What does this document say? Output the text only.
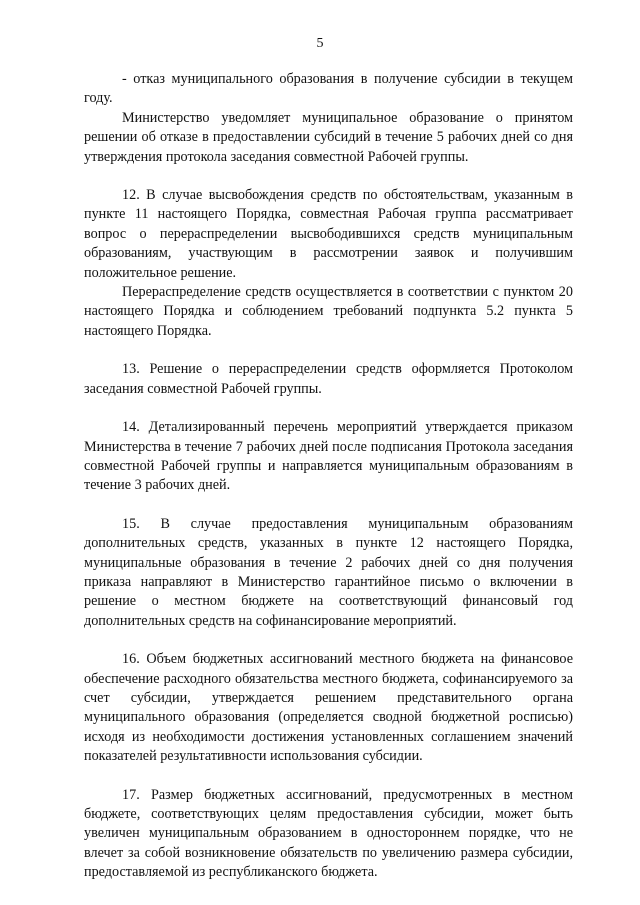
5

- отказ муниципального образования в получение субсидии в текущем году.

Министерство уведомляет муниципальное образование о принятом решении об отказе в предоставлении субсидий в течение 5 рабочих дней со дня утверждения протокола заседания совместной Рабочей группы.

12. В случае высвобождения средств по обстоятельствам, указанным в пункте 11 настоящего Порядка, совместная Рабочая группа рассматривает вопрос о перераспределении высвободившихся средств муниципальным образованиям, участвующим в рассмотрении заявок и получившим положительное решение.

Перераспределение средств осуществляется в соответствии с пунктом 20 настоящего Порядка и соблюдением требований подпункта 5.2 пункта 5 настоящего Порядка.

13. Решение о перераспределении средств оформляется Протоколом заседания совместной Рабочей группы.

14. Детализированный перечень мероприятий утверждается приказом Министерства в течение 7 рабочих дней после подписания Протокола заседания совместной Рабочей группы и направляется муниципальным образованиям в течение 3 рабочих дней.

15. В случае предоставления муниципальным образованиям дополнительных средств, указанных в пункте 12 настоящего Порядка, муниципальные образования в течение 2 рабочих дней со дня получения приказа направляют в Министерство гарантийное письмо о включении в решение о местном бюджете на соответствующий финансовый год дополнительных средств на софинансирование мероприятий.

16. Объем бюджетных ассигнований местного бюджета на финансовое обеспечение расходного обязательства местного бюджета, софинансируемого за счет субсидии, утверждается решением представительного органа муниципального образования (определяется сводной бюджетной росписью) исходя из необходимости достижения установленных соглашением значений показателей результативности использования субсидии.

17. Размер бюджетных ассигнований, предусмотренных в местном бюджете, соответствующих целям предоставления субсидии, может быть увеличен муниципальным образованием в одностороннем порядке, что не влечет за собой возникновение обязательств по увеличению размера субсидии, предоставляемой из республиканского бюджета.
